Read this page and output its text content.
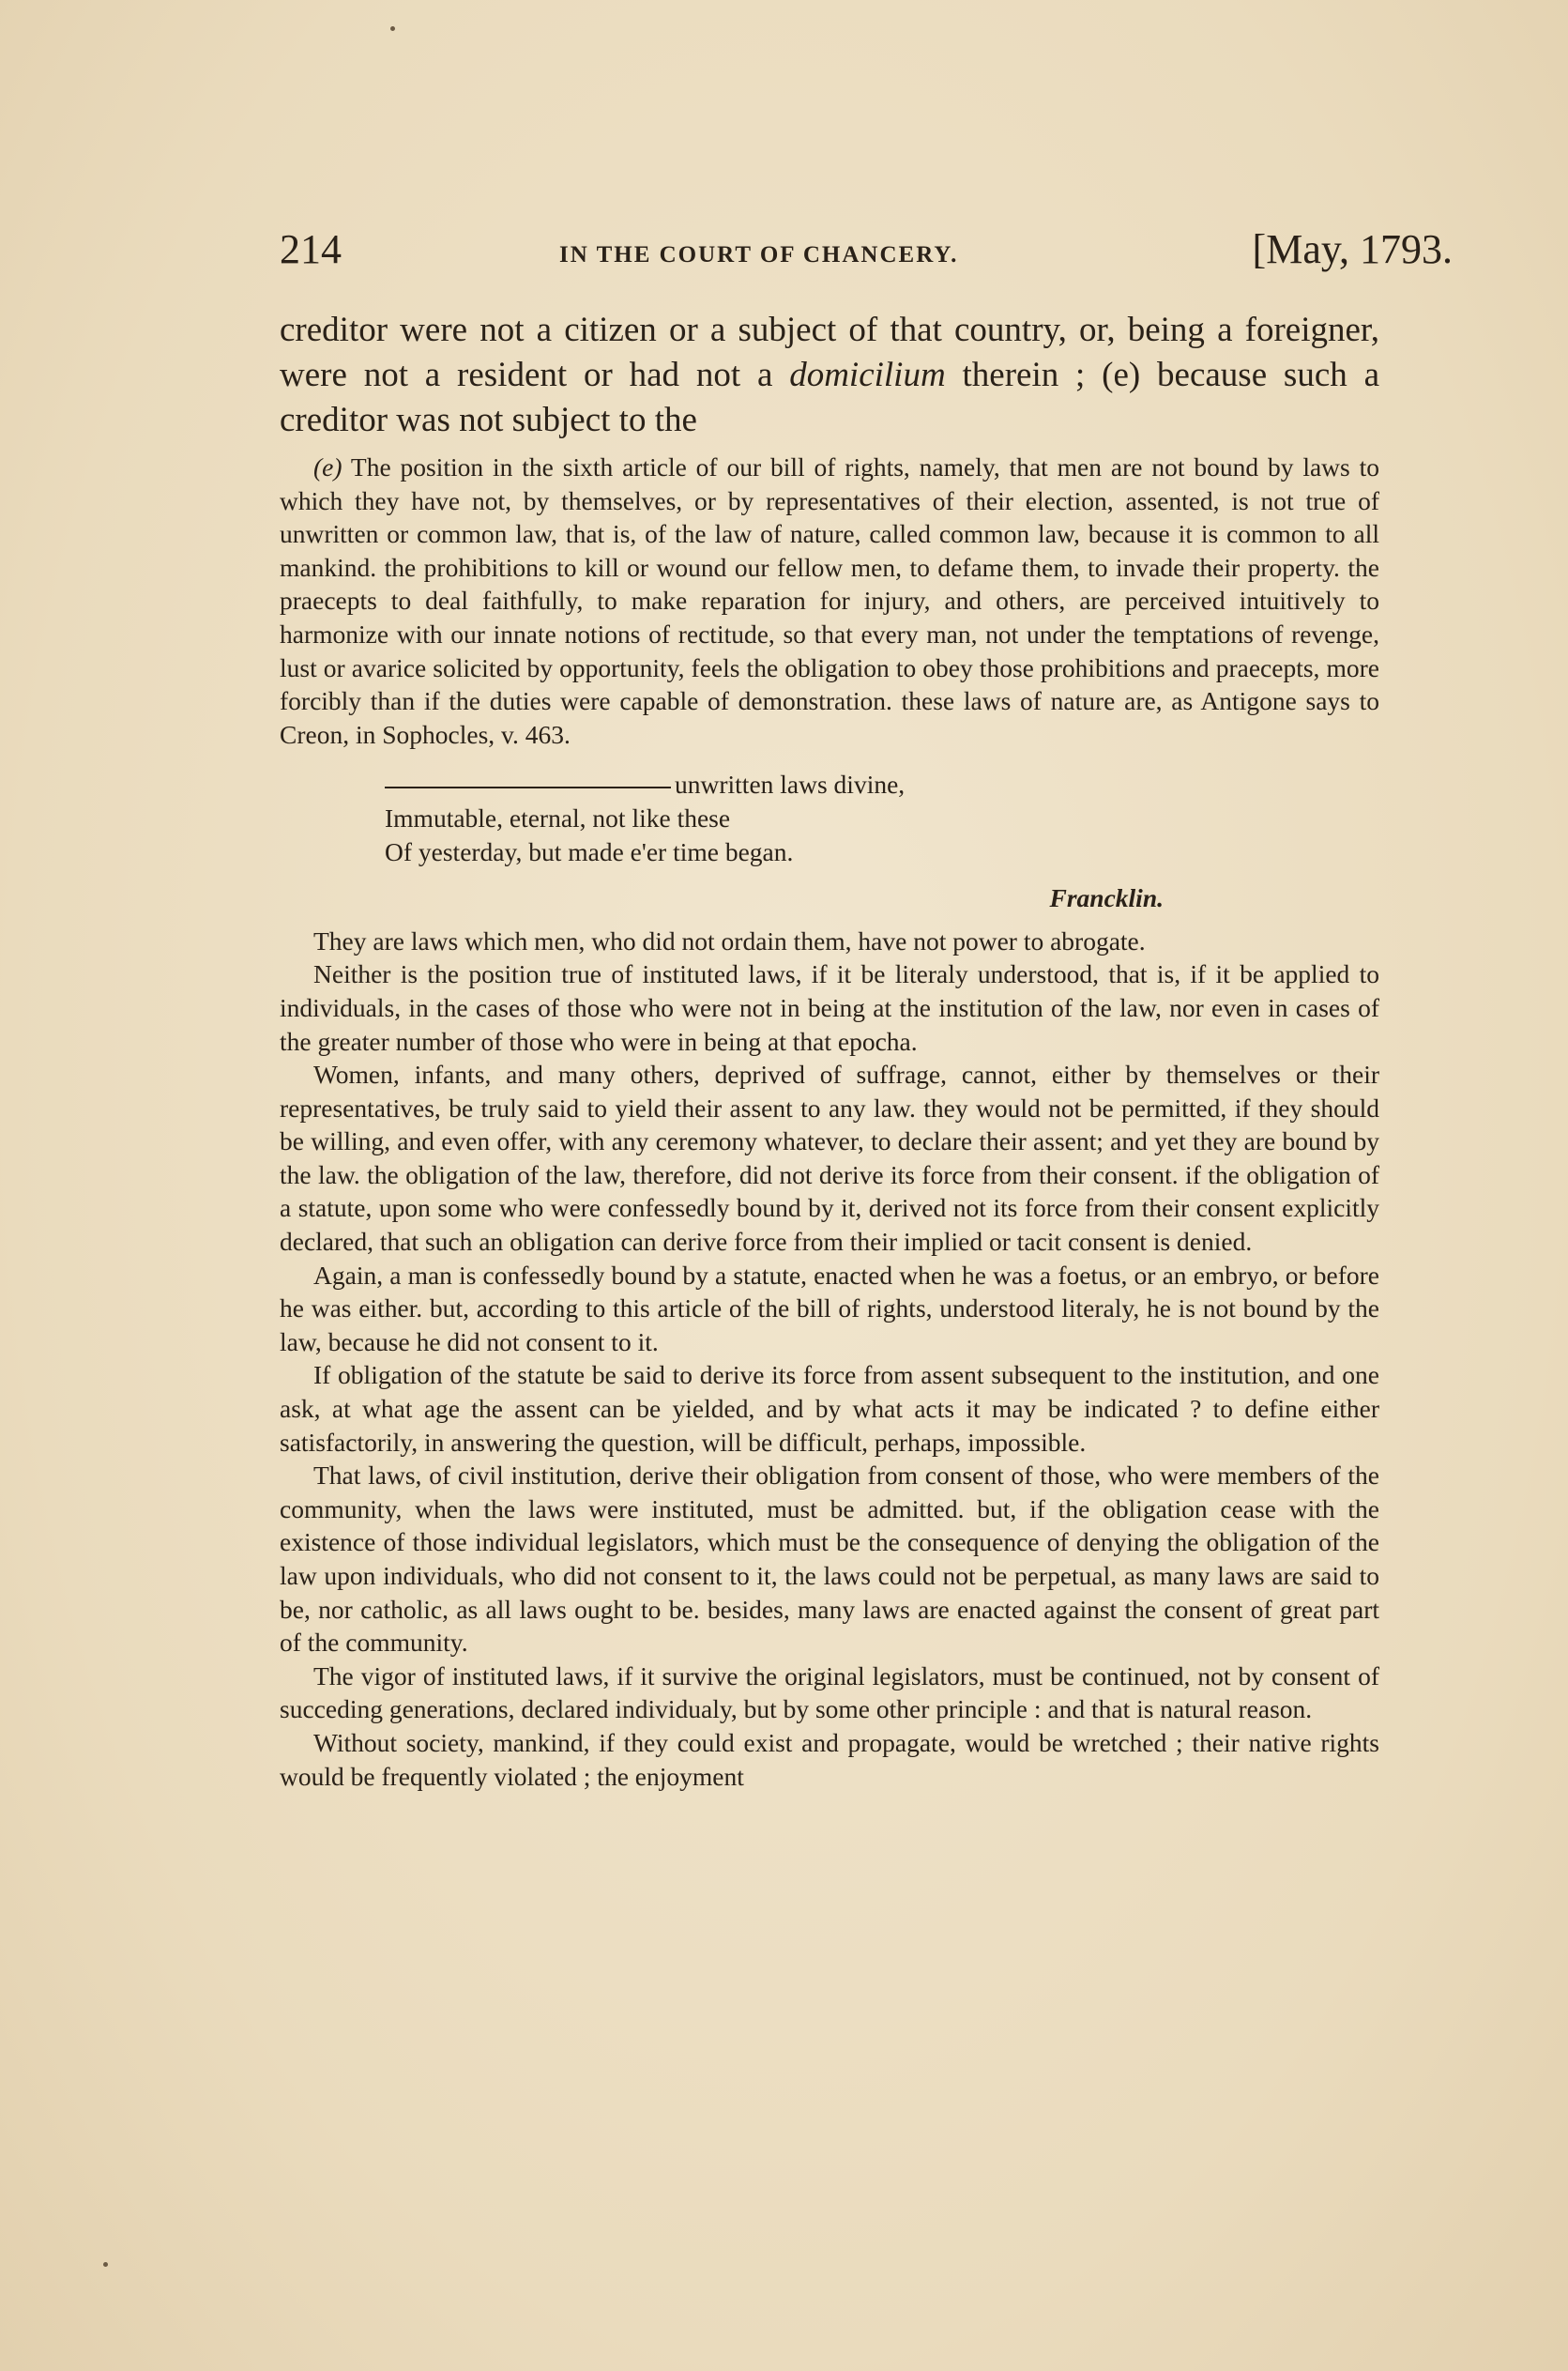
214	IN THE COURT OF CHANCERY.	[May, 1793.

creditor were not a citizen or a subject of that country, or, being a foreigner, were not a resident or had not a domicilium therein ; (e) because such a creditor was not subject to the

(e) The position in the sixth article of our bill of rights, namely, that men are not bound by laws to which they have not, by themselves, or by representatives of their election, assented, is not true of unwritten or common law, that is, of the law of nature, called common law, because it is common to all mankind. the prohibitions to kill or wound our fellow men, to defame them, to invade their property. the praecepts to deal faithfully, to make reparation for injury, and others, are perceived intuitively to harmonize with our innate notions of rectitude, so that every man, not under the temptations of revenge, lust or avarice solicited by opportunity, feels the obligation to obey those prohibitions and praecepts, more forcibly than if the duties were capable of demonstration. these laws of nature are, as Antigone says to Creon, in Sophocles, v. 463.

unwritten laws divine,
Immutable, eternal, not like these
Of yesterday, but made e'er time began.
Francklin.

They are laws which men, who did not ordain them, have not power to abrogate.

Neither is the position true of instituted laws, if it be literaly understood, that is, if it be applied to individuals, in the cases of those who were not in being at the institution of the law, nor even in cases of the greater number of those who were in being at that epocha.

Women, infants, and many others, deprived of suffrage, cannot, either by themselves or their representatives, be truly said to yield their assent to any law. they would not be permitted, if they should be willing, and even offer, with any ceremony whatever, to declare their assent; and yet they are bound by the law. the obligation of the law, therefore, did not derive its force from their consent. if the obligation of a statute, upon some who were confessedly bound by it, derived not its force from their consent explicitly declared, that such an obligation can derive force from their implied or tacit consent is denied.

Again, a man is confessedly bound by a statute, enacted when he was a foetus, or an embryo, or before he was either. but, according to this article of the bill of rights, understood literaly, he is not bound by the law, because he did not consent to it.

If obligation of the statute be said to derive its force from assent subsequent to the institution, and one ask, at what age the assent can be yielded, and by what acts it may be indicated ? to define either satisfactorily, in answering the question, will be difficult, perhaps, impossible.

That laws, of civil institution, derive their obligation from consent of those, who were members of the community, when the laws were instituted, must be admitted. but, if the obligation cease with the existence of those individual legislators, which must be the consequence of denying the obligation of the law upon individuals, who did not consent to it, the laws could not be perpetual, as many laws are said to be, nor catholic, as all laws ought to be. besides, many laws are enacted against the consent of great part of the community.

The vigor of instituted laws, if it survive the original legislators, must be continued, not by consent of succeding generations, declared individualy, but by some other principle : and that is natural reason.

Without society, mankind, if they could exist and propagate, would be wretched ; their native rights would be frequently violated ; the enjoyment
